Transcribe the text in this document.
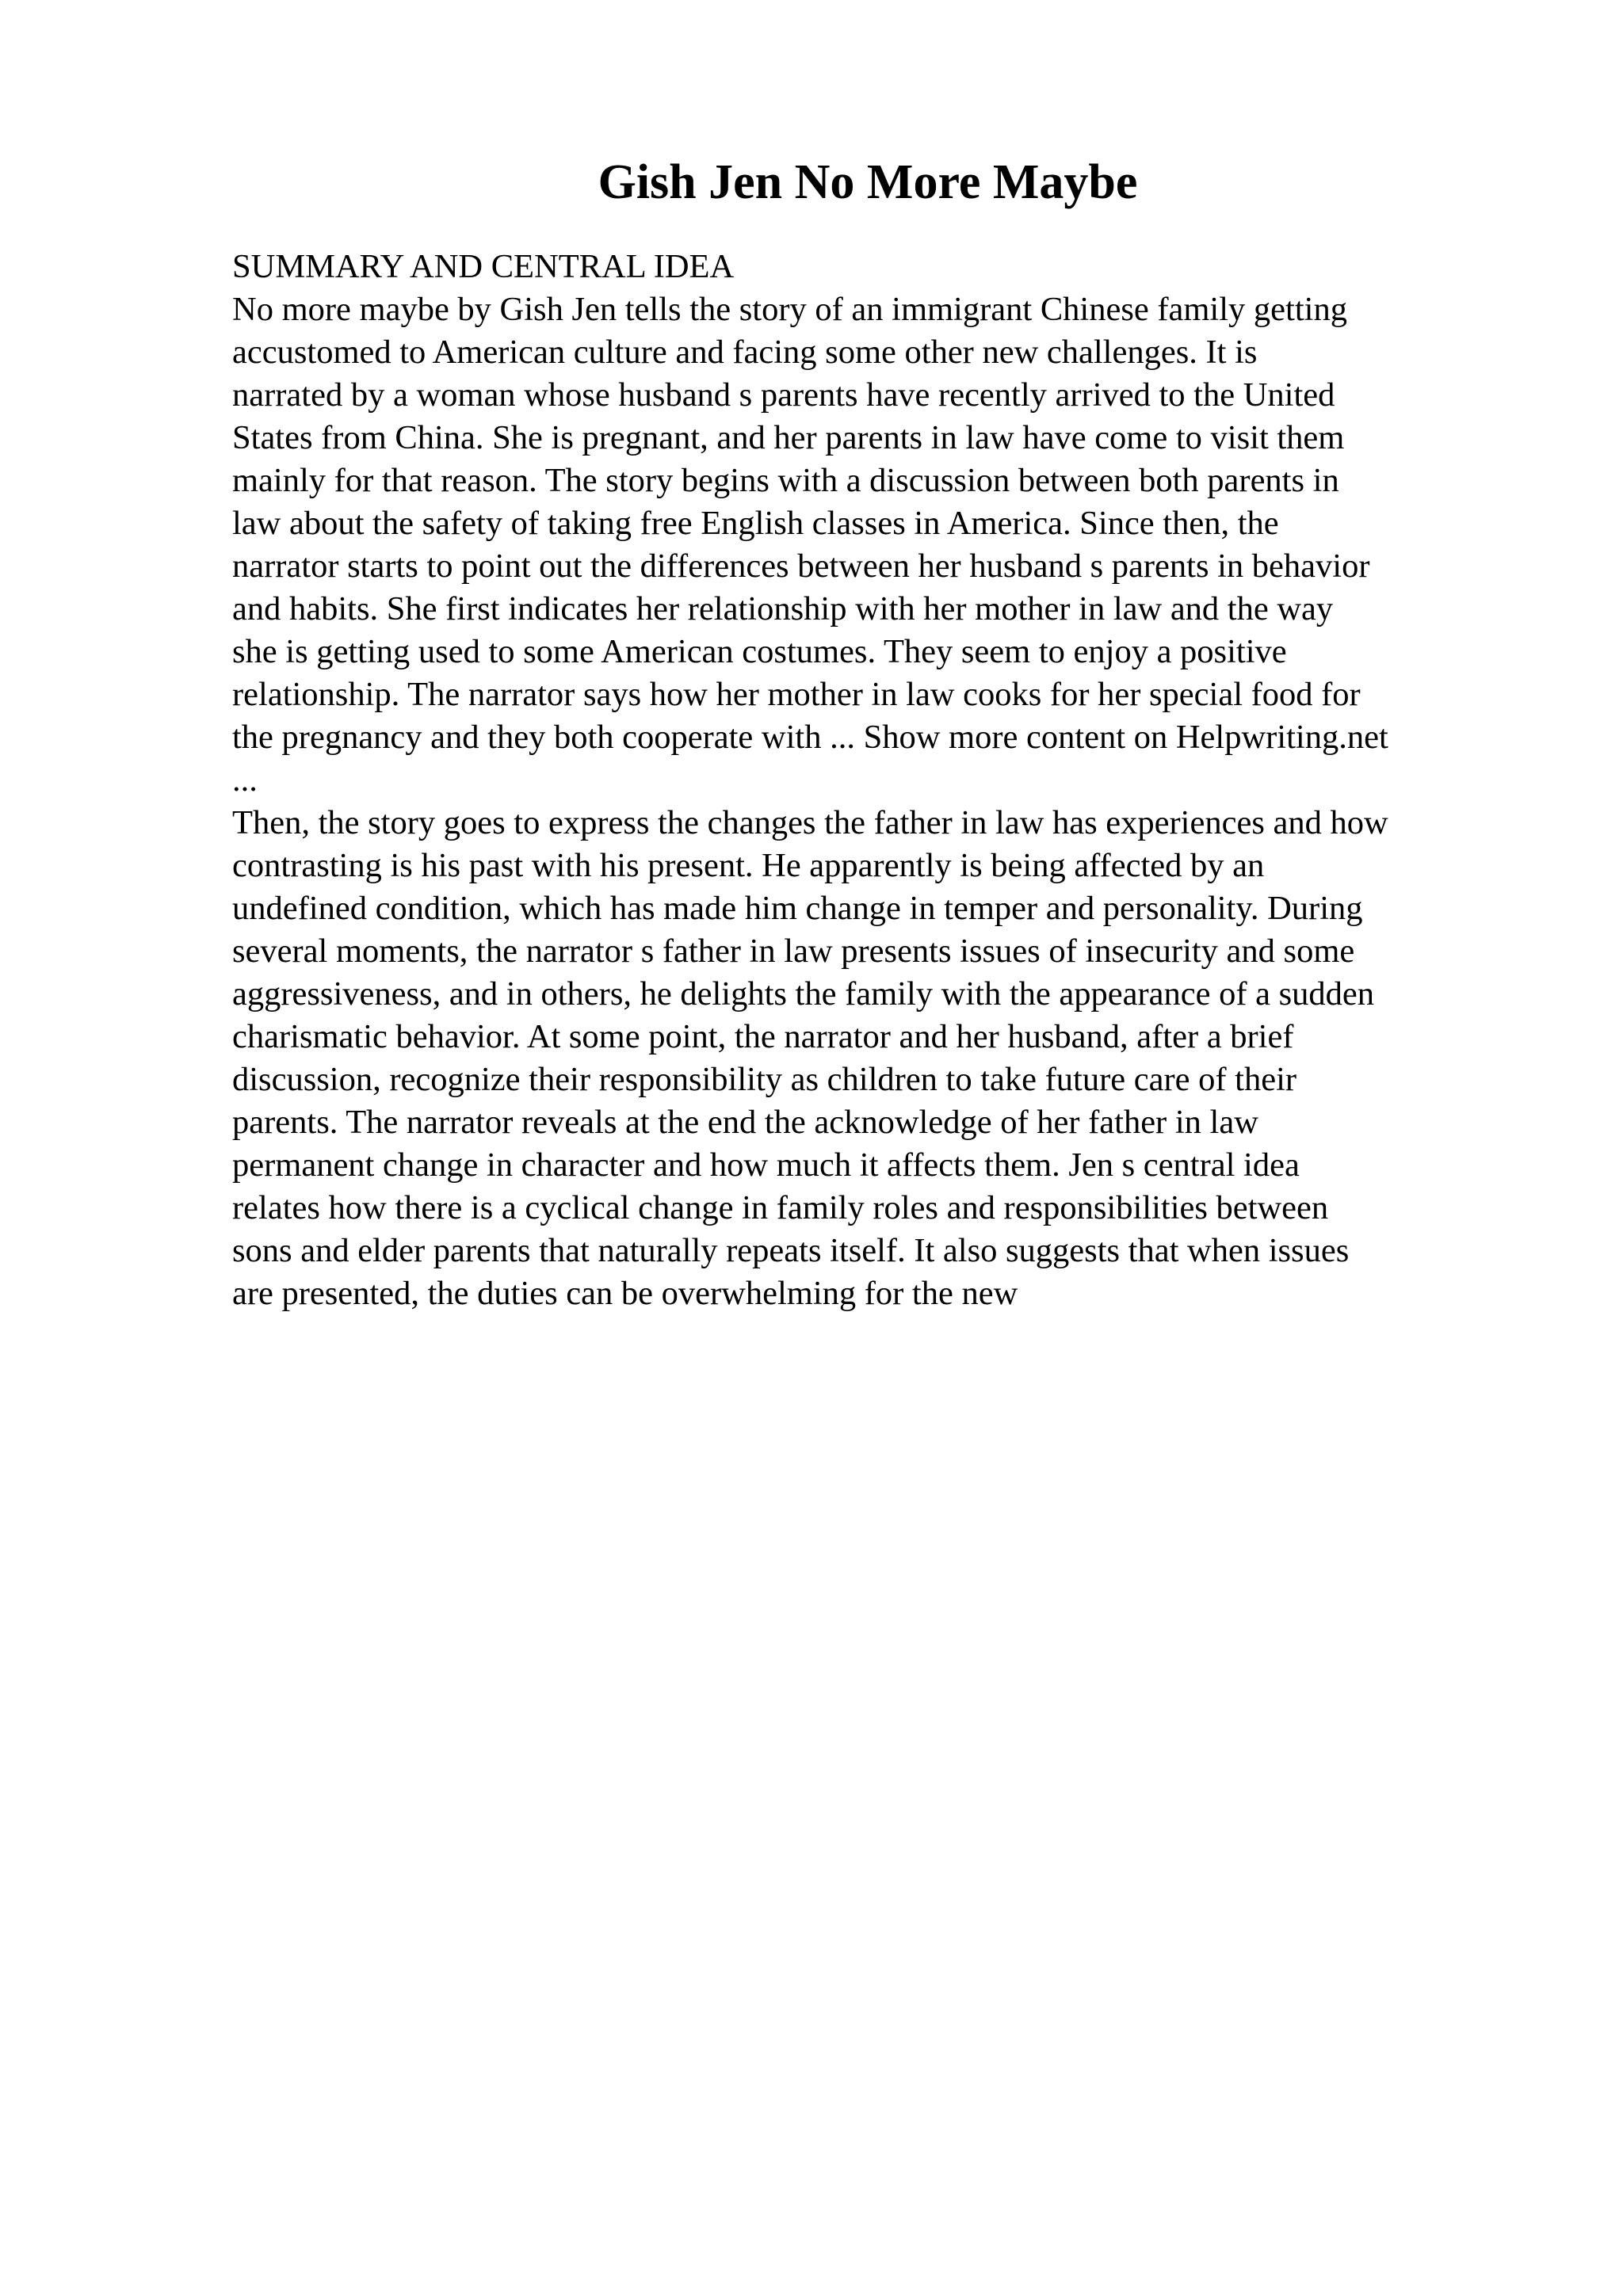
Gish Jen No More Maybe
SUMMARY AND CENTRAL IDEA
No more maybe by Gish Jen tells the story of an immigrant Chinese family getting
accustomed to American culture and facing some other new challenges. It is
narrated by a woman whose husband s parents have recently arrived to the United
States from China. She is pregnant, and her parents in law have come to visit them
mainly for that reason. The story begins with a discussion between both parents in
law about the safety of taking free English classes in America. Since then, the
narrator starts to point out the differences between her husband s parents in behavior
and habits. She first indicates her relationship with her mother in law and the way
she is getting used to some American costumes. They seem to enjoy a positive
relationship. The narrator says how her mother in law cooks for her special food for
the pregnancy and they both cooperate with ... Show more content on Helpwriting.net
...
Then, the story goes to express the changes the father in law has experiences and how
contrasting is his past with his present. He apparently is being affected by an
undefined condition, which has made him change in temper and personality. During
several moments, the narrator s father in law presents issues of insecurity and some
aggressiveness, and in others, he delights the family with the appearance of a sudden
charismatic behavior. At some point, the narrator and her husband, after a brief
discussion, recognize their responsibility as children to take future care of their
parents. The narrator reveals at the end the acknowledge of her father in law
permanent change in character and how much it affects them. Jen s central idea
relates how there is a cyclical change in family roles and responsibilities between
sons and elder parents that naturally repeats itself. It also suggests that when issues
are presented, the duties can be overwhelming for the new
